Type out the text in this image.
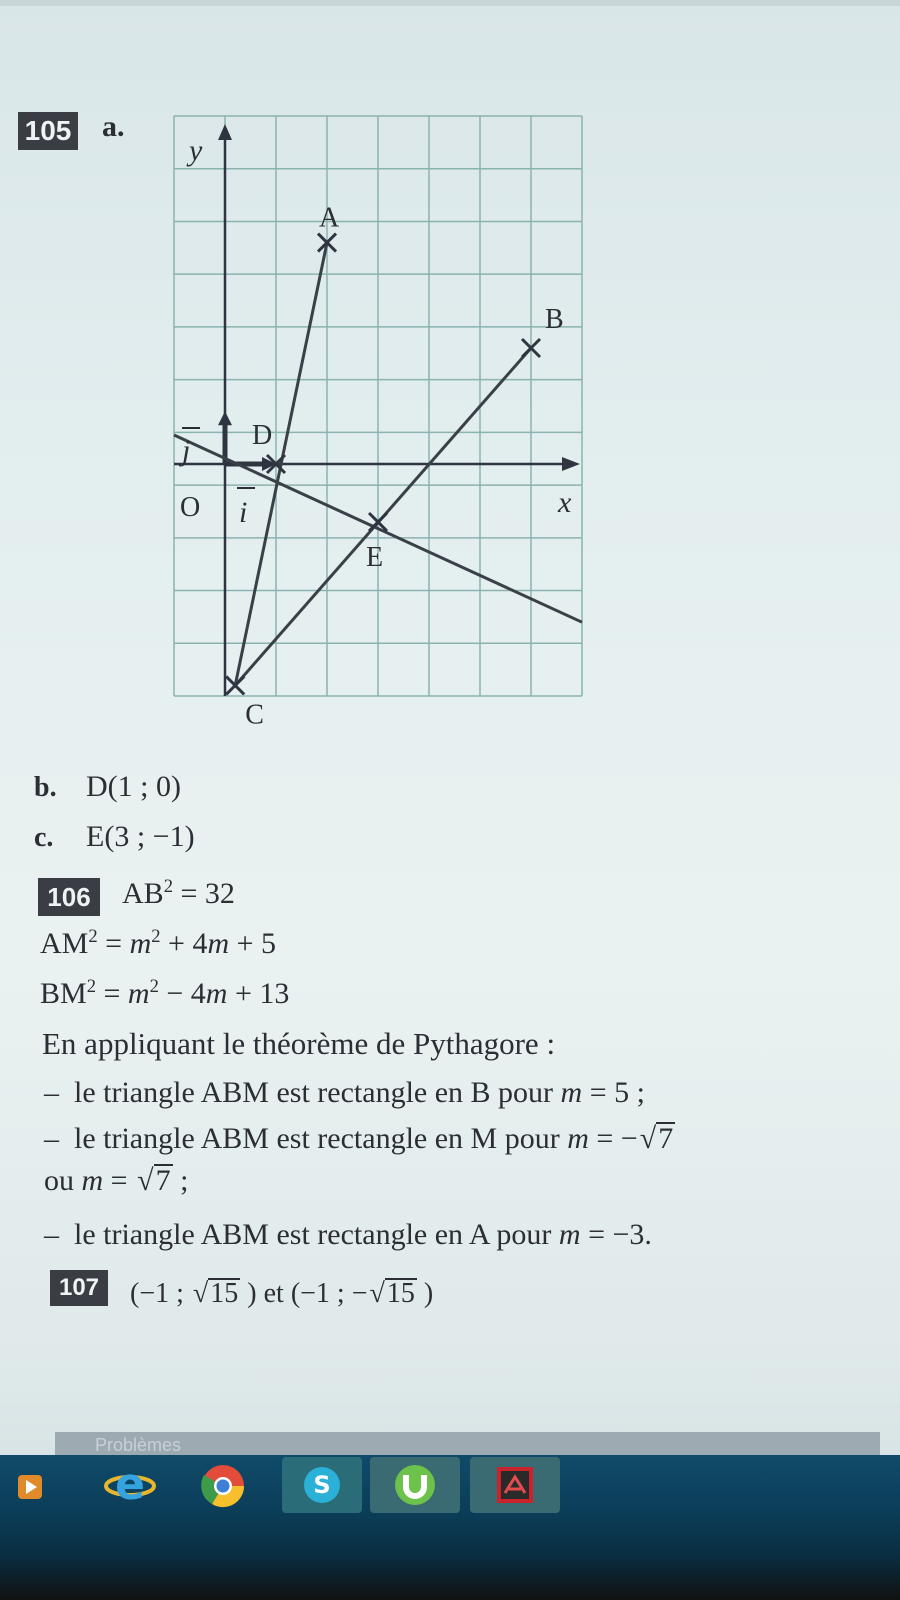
105 a.
A
B
C
D
E
O	x
y
i
j
b. D(1 ; 0)
c. E(3 ; −1)
106	$AB^2 = 32$
$AM^2 = m^2 + 4m + 5$
$BM^2 = m^2 - 4m + 13$
En appliquant le théorème de Pythagore :
– le triangle ABM est rectangle en B pour m = 5 ;
– le triangle ABM est rectangle en M pour m = −√7
ou m = √7 ;
– le triangle ABM est rectangle en A pour m = −3.
107	(−1 ; √15 ) et (−1 ; −√15 )
Problèmes
e	S
